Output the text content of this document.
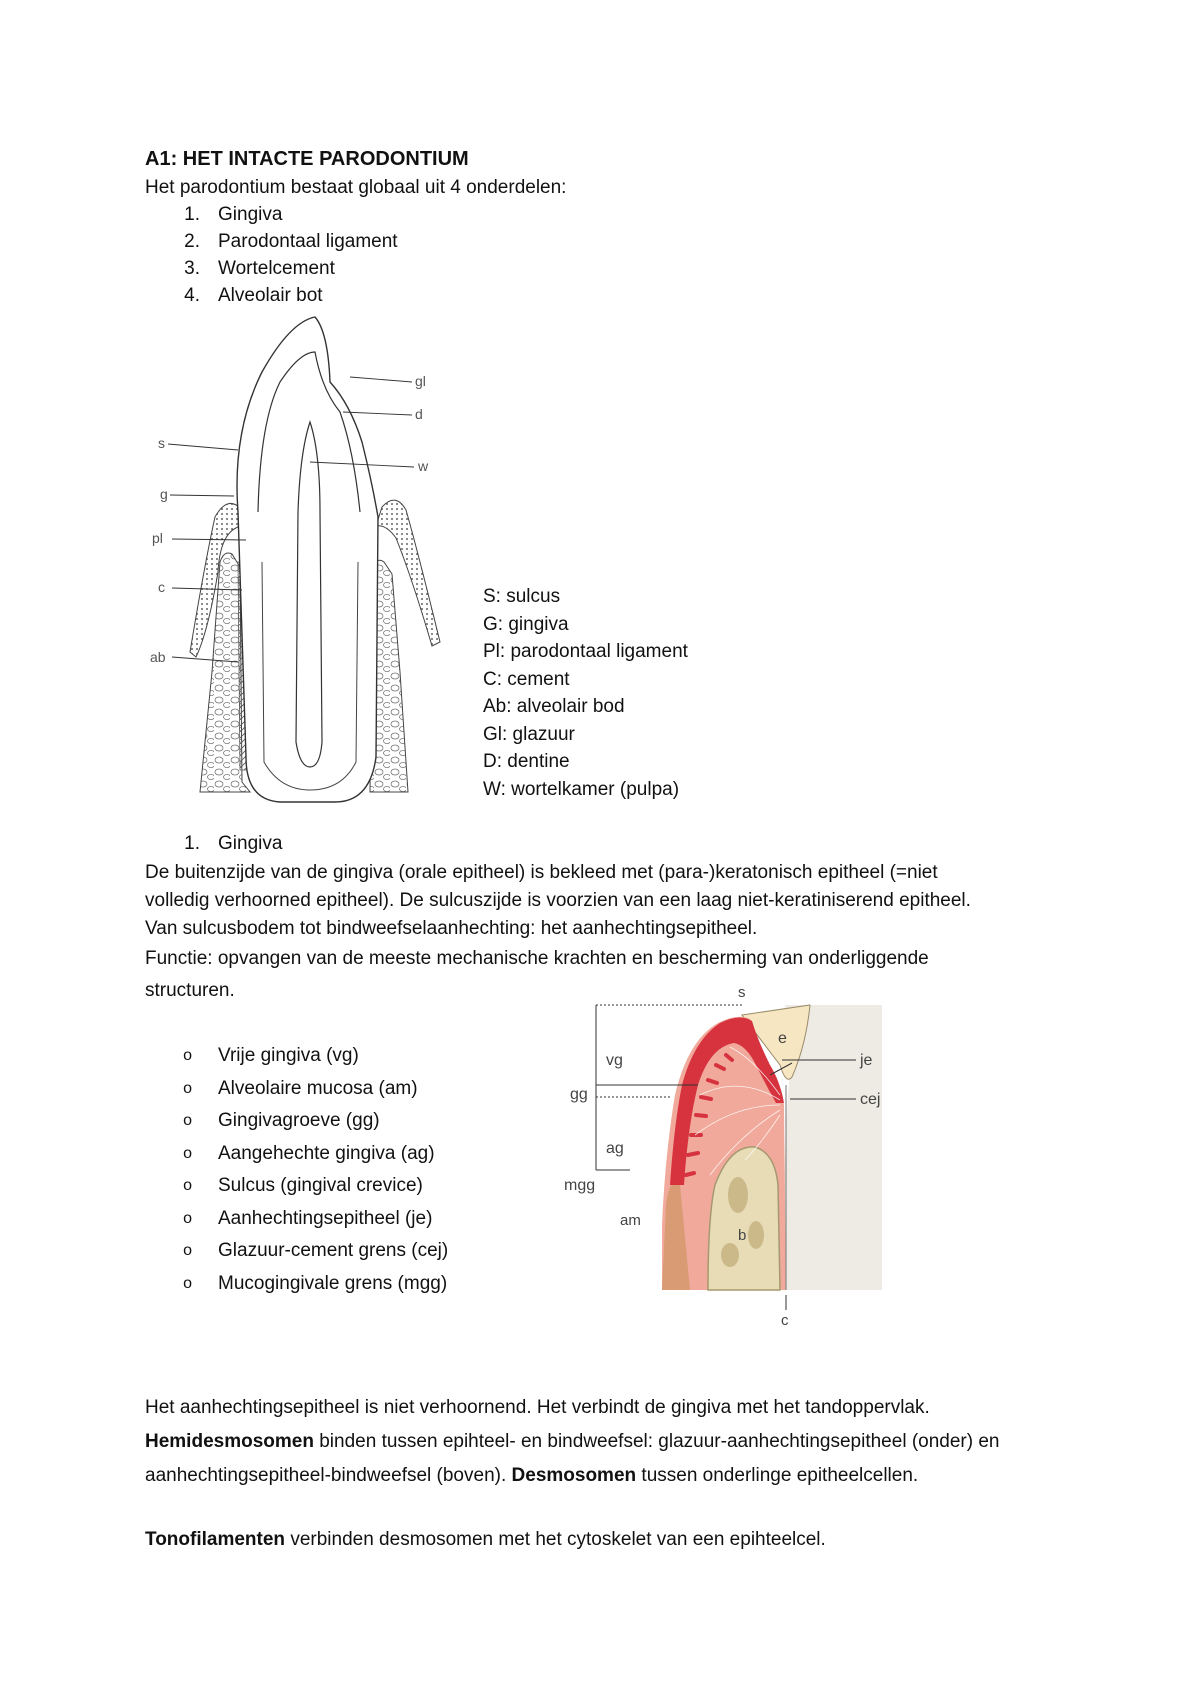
A1: HET INTACTE PARODONTIUM

Het parodontium bestaat globaal uit 4 onderdelen:

1. Gingiva
2. Parodontaal ligament
3. Wortelcement
4. Alveolair bot
s
g
pl
c
ab
gl
d
w
S: sulcus
G: gingiva
Pl: parodontaal ligament
C: cement
Ab: alveolair bod
Gl: glazuur
D: dentine
W: wortelkamer (pulpa)
1. Gingiva

De buitenzijde van de gingiva (orale epitheel) is bekleed met (para-)keratonisch epitheel (=niet

volledig verhoorned epitheel). De sulcuszijde is voorzien van een laag niet-keratiniserend epitheel.

Van sulcusbodem tot bindweefselaanhechting: het aanhechtingsepitheel.

Functie: opvangen van de meeste mechanische krachten en bescherming van onderliggende

structuren.

o	Vrije gingiva (vg)
o	Alveolaire mucosa (am)
o	Gingivagroeve (gg)
o	Aangehechte gingiva (ag)
o	Sulcus (gingival crevice)
o	Aanhechtingsepitheel (je)
o	Glazuur-cement grens (cej)
o	Mucogingivale grens (mgg)
s
e
je
cej
vg
gg
ag
mgg
am
b
c

Het aanhechtingsepitheel is niet verhoornend. Het verbindt de gingiva met het tandoppervlak.

Hemidesmosomen binden tussen epihteel- en bindweefsel: glazuur-aanhechtingsepitheel (onder) en

aanhechtingsepitheel-bindweefsel (boven). Desmosomen tussen onderlinge epitheelcellen.

Tonofilamenten verbinden desmosomen met het cytoskelet van een epihteelcel.
